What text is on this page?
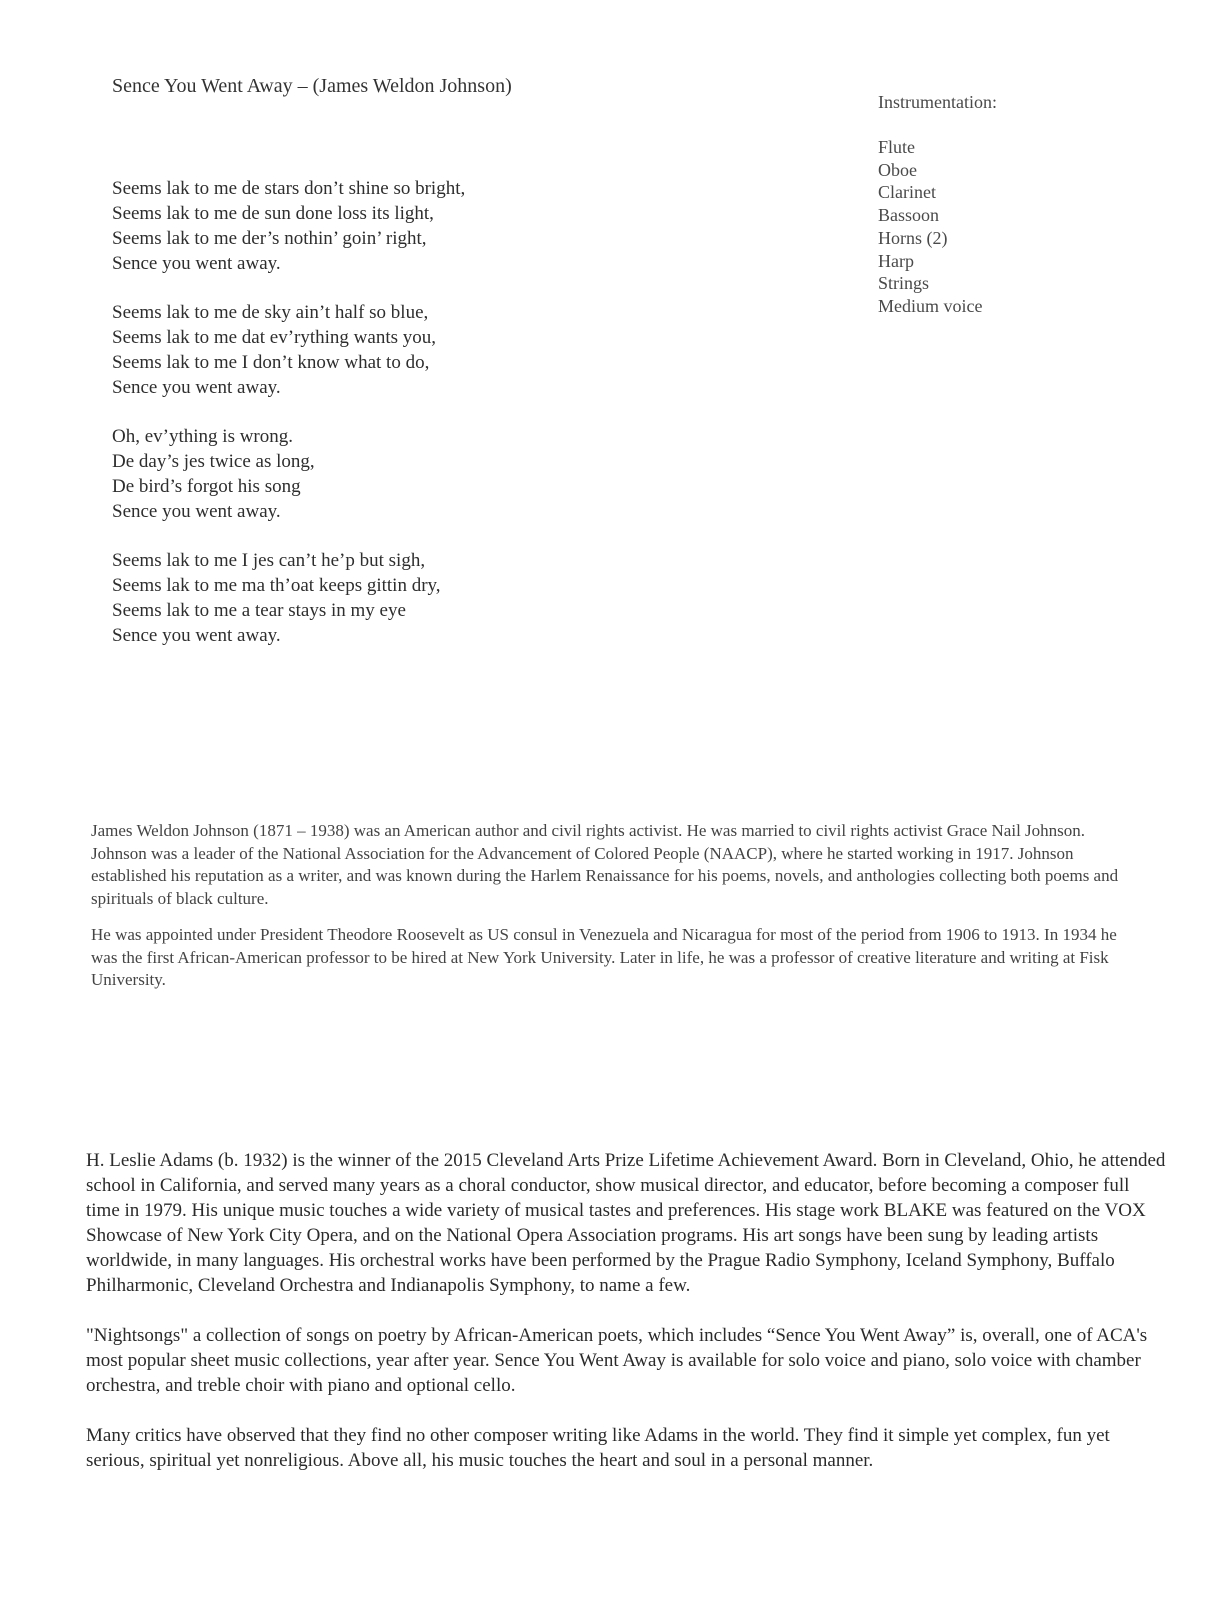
Sence You Went Away – (James Weldon Johnson)
Seems lak to me de stars don’t shine so bright,
Seems lak to me de sun done loss its light,
Seems lak to me der’s nothin’ goin’ right,
Sence you went away.
Seems lak to me de sky ain’t half so blue,
Seems lak to me dat ev’rything wants you,
Seems lak to me I don’t know what to do,
Sence you went away.
Oh, ev’ything is wrong.
De day’s jes twice as long,
De bird’s forgot his song
Sence you went away.
Seems lak to me I jes can’t he’p but sigh,
Seems lak to me ma th’oat keeps gittin dry,
Seems lak to me a tear stays in my eye
Sence you went away.
Instrumentation:
Flute
Oboe
Clarinet
Bassoon
Horns (2)
Harp
Strings
Medium voice

James Weldon Johnson (1871 – 1938) was an American author and civil rights activist. He was married to civil rights activist Grace Nail Johnson. Johnson was a leader of the National Association for the Advancement of Colored People (NAACP), where he started working in 1917. Johnson established his reputation as a writer, and was known during the Harlem Renaissance for his poems, novels, and anthologies collecting both poems and spirituals of black culture.

He was appointed under President Theodore Roosevelt as US consul in Venezuela and Nicaragua for most of the period from 1906 to 1913. In 1934 he was the first African-American professor to be hired at New York University. Later in life, he was a professor of creative literature and writing at Fisk University.

H. Leslie Adams (b. 1932) is the winner of the 2015 Cleveland Arts Prize Lifetime Achievement Award. Born in Cleveland, Ohio, he attended school in California, and served many years as a choral conductor, show musical director, and educator, before becoming a composer full time in 1979. His unique music touches a wide variety of musical tastes and preferences. His stage work BLAKE was featured on the VOX Showcase of New York City Opera, and on the National Opera Association programs. His art songs have been sung by leading artists worldwide, in many languages. His orchestral works have been performed by the Prague Radio Symphony, Iceland Symphony, Buffalo Philharmonic, Cleveland Orchestra and Indianapolis Symphony, to name a few.

"Nightsongs" a collection of songs on poetry by African-American poets, which includes “Sence You Went Away” is, overall, one of ACA's most popular sheet music collections, year after year. Sence You Went Away is available for solo voice and piano, solo voice with chamber orchestra, and treble choir with piano and optional cello.

Many critics have observed that they find no other composer writing like Adams in the world. They find it simple yet complex, fun yet serious, spiritual yet nonreligious. Above all, his music touches the heart and soul in a personal manner.
